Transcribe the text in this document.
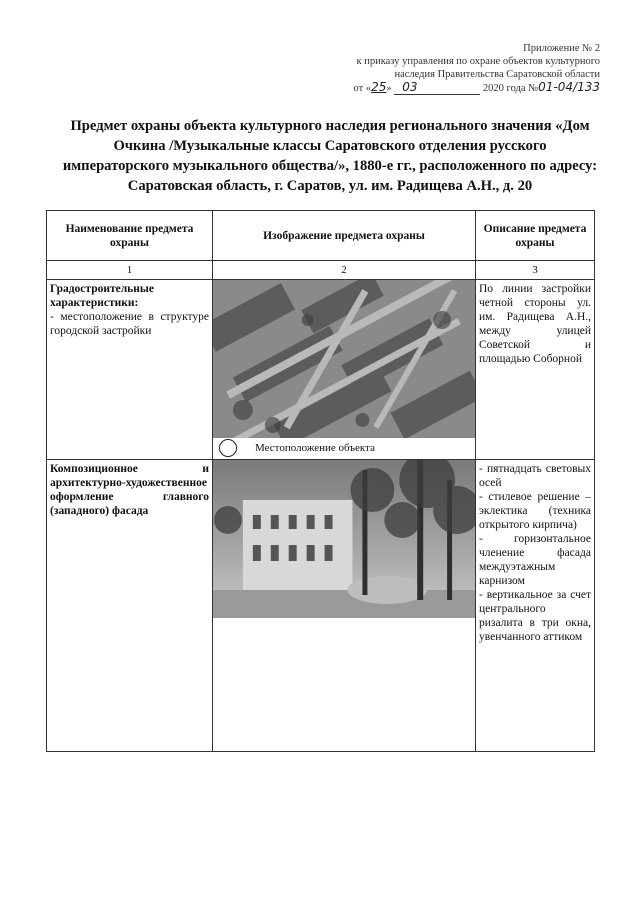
Приложение № 2
к приказу управления по охране объектов культурного
наследия Правительства Саратовской области
от «25» 03	2020 года №01-04/133
Предмет охраны объекта культурного наследия регионального значения «Дом Очкина /Музыкальные классы Саратовского отделения русского императорского музыкального общества/», 1880-е гг., расположенного по адресу: Саратовская область, г. Саратов, ул. им. Радищева А.Н., д. 20
Наименование предмета охраны	Изображение предмета охраны	Описание предмета охраны
1	2	3

Градостроительные характеристики:
- местоположение в структуре городской застройки	Местоположение объекта	По линии застройки четной стороны ул. им. Радищева А.Н., между улицей Советской и площадью Соборной

Композиционное и архитектурно-художественное оформление главного (западного) фасада		- пятнадцать световых осей
- стилевое решение – эклектика (техника открытого кирпича)
- горизонтальное членение фасада междуэтажным карнизом
- вертикальное за счет центрального ризалита в три окна, увенчанного аттиком
